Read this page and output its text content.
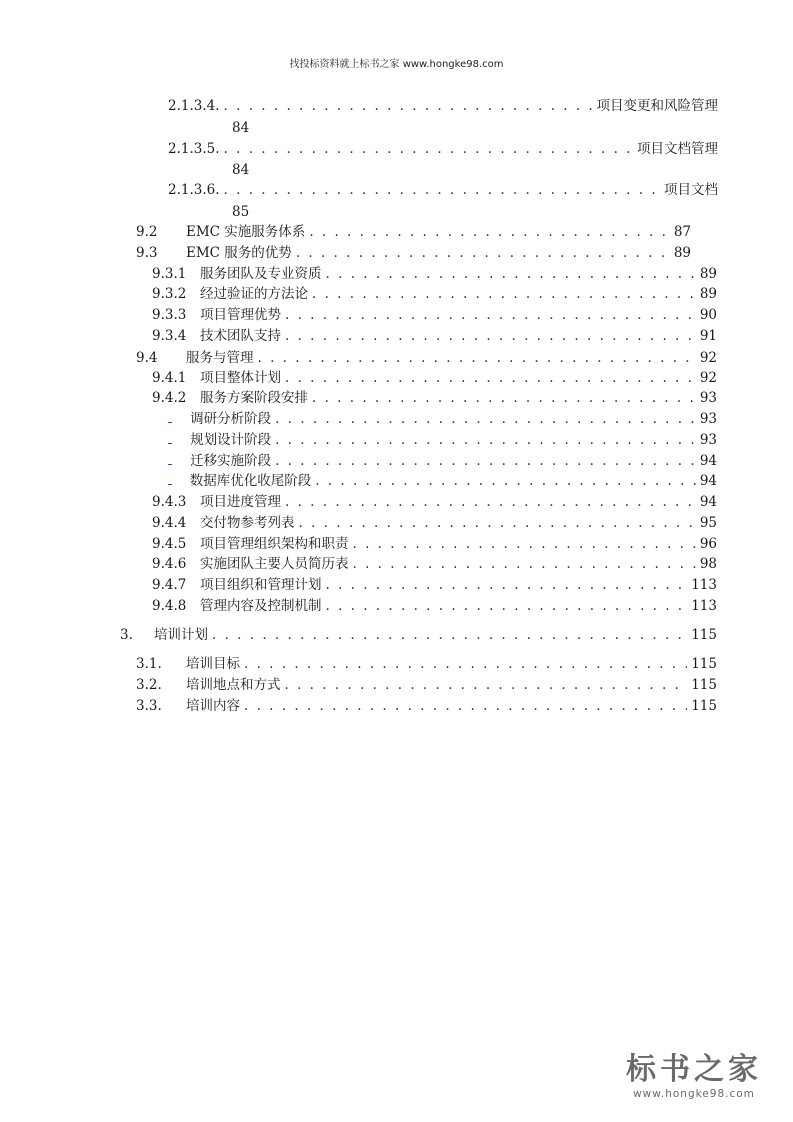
找投标资料就上标书之家 www.hongke98.com
2.1.3.4. . . .	项目变更和风险管理
84
2.1.3.5. . . .	项目文档管理
84
2.1.3.6. . . .	项目文档
85
9.2	EMC 实施服务体系 . . .	87
9.3	EMC 服务的优势 . . .	89
9.3.1	服务团队及专业资质 . . .	89
9.3.2	经过验证的方法论 . . .	89
9.3.3	项目管理优势 . . .	90
9.3.4	技术团队支持 . . .	91
9.4	服务与管理 . . .	92
9.4.1	项目整体计划 . . .	92
9.4.2	服务方案阶段安排 . . .	93
调研分析阶段 . . .	93
规划设计阶段 . . .	93
迁移实施阶段 . . .	94
数据库优化收尾阶段 . . .	94
9.4.3	项目进度管理 . . .	94
9.4.4	交付物参考列表 . . .	95
9.4.5	项目管理组织架构和职责 . . .	96
9.4.6	实施团队主要人员简历表 . . .	98
9.4.7	项目组织和管理计划 . . .	113
9.4.8	管理内容及控制机制 . . .	113
3.	培训计划 . . .	115
3.1.	培训目标 . . .	115
3.2.	培训地点和方式 . . .	115
3.3.	培训内容 . . .	115
标书之家
www.hongke98.com
